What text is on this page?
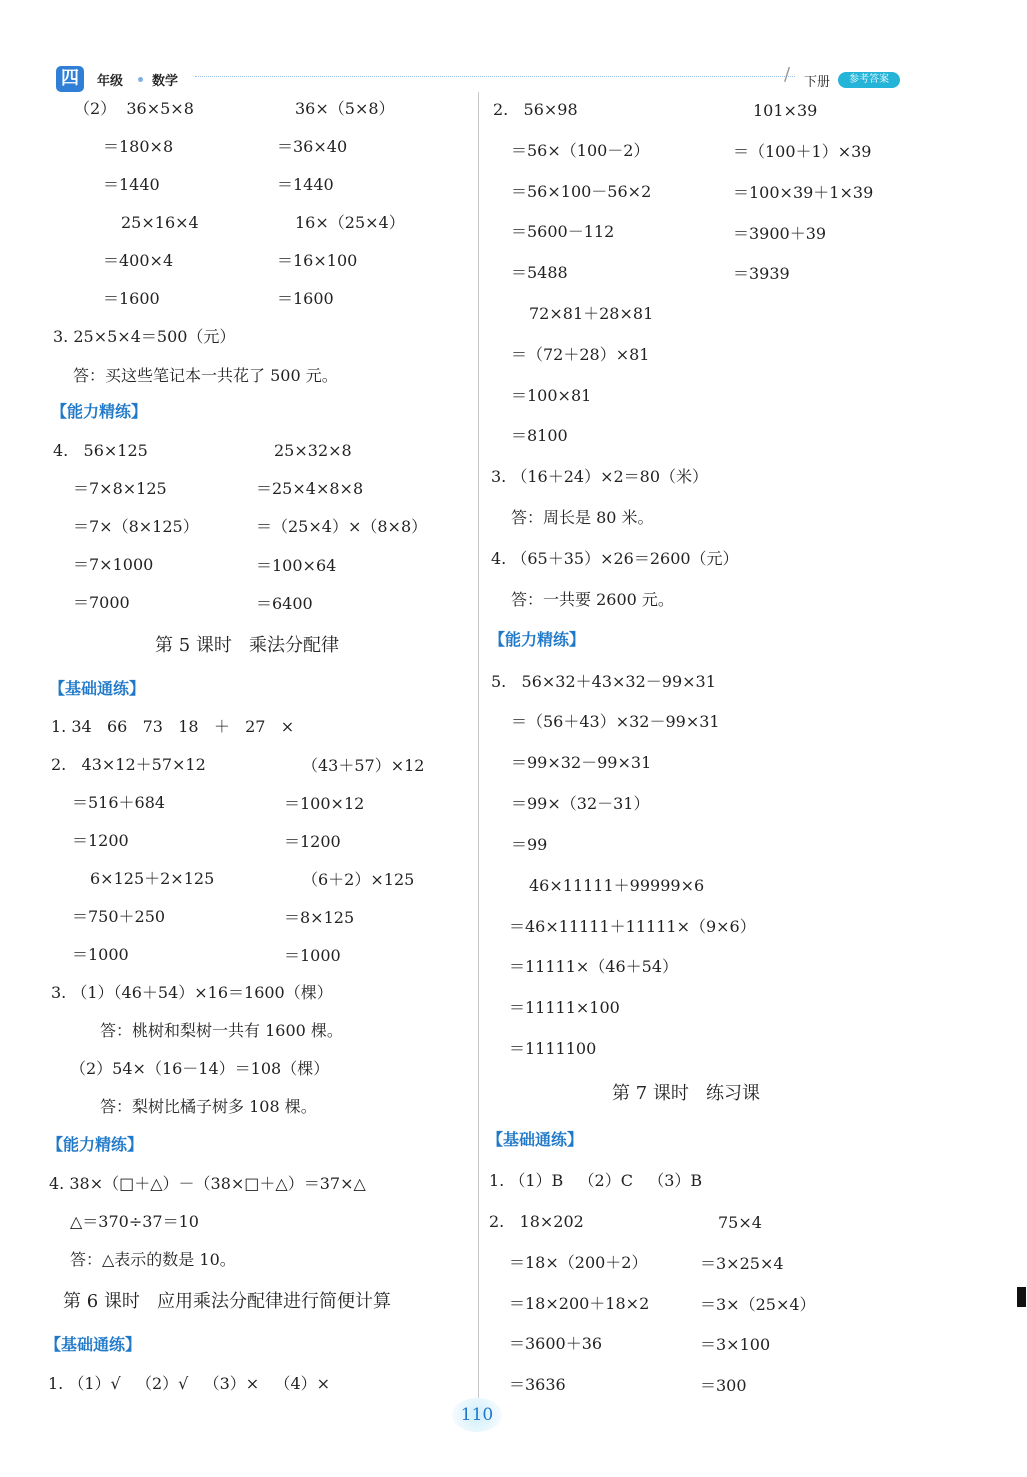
四	年级 数学	/ 下册	参考答案
（2）  36×5×8	36×（5×8）
＝180×8	＝36×40
＝1440	＝1440
25×16×4	16×（25×4）
＝400×4	＝16×100
＝1600	＝1600
3. 25×5×4＝500（元）
答：买这些笔记本一共花了 500 元。
【能力精练】
4.   56×125	25×32×8
＝7×8×125	＝25×4×8×8
＝7×（8×125）	＝（25×4）×（8×8）
＝7×1000	＝100×64
＝7000	＝6400
第 5 课时   乘法分配律
【基础通练】
1. 34   66   73   18   ＋   27   ×
2.   43×12＋57×12	（43＋57）×12
＝516＋684	＝100×12
＝1200	＝1200
6×125＋2×125	（6＋2）×125
＝750＋250	＝8×125
＝1000	＝1000
3. （1）（46＋54）×16＝1600（棵）
答：桃树和梨树一共有 1600 棵。
（2）54×（16－14）＝108（棵）
答：梨树比橘子树多 108 棵。
【能力精练】
4. 38×（□＋△）－（38×□＋△）＝37×△
△＝370÷37＝10
答：△表示的数是 10。
第 6 课时   应用乘法分配律进行简便计算
【基础通练】
1. （1）√   （2）√   （3）×   （4）×
2.   56×98	101×39
＝56×（100－2）	＝（100＋1）×39
＝56×100－56×2	＝100×39＋1×39
＝5600－112	＝3900＋39
＝5488	＝3939
72×81＋28×81
＝（72＋28）×81
＝100×81
＝8100
3. （16＋24）×2＝80（米）
答：周长是 80 米。
4. （65＋35）×26＝2600（元）
答：一共要 2600 元。
【能力精练】
5.   56×32＋43×32－99×31
＝（56＋43）×32－99×31
＝99×32－99×31
＝99×（32－31）
＝99
46×11111＋99999×6
＝46×11111＋11111×（9×6）
＝11111×（46＋54）
＝11111×100
＝1111100
第 7 课时   练习课
【基础通练】
1. （1）B   （2）C   （3）B
2.   18×202	75×4
＝18×（200＋2）	＝3×25×4
＝18×200＋18×2	＝3×（25×4）
＝3600＋36	＝3×100
＝3636	＝300
110
